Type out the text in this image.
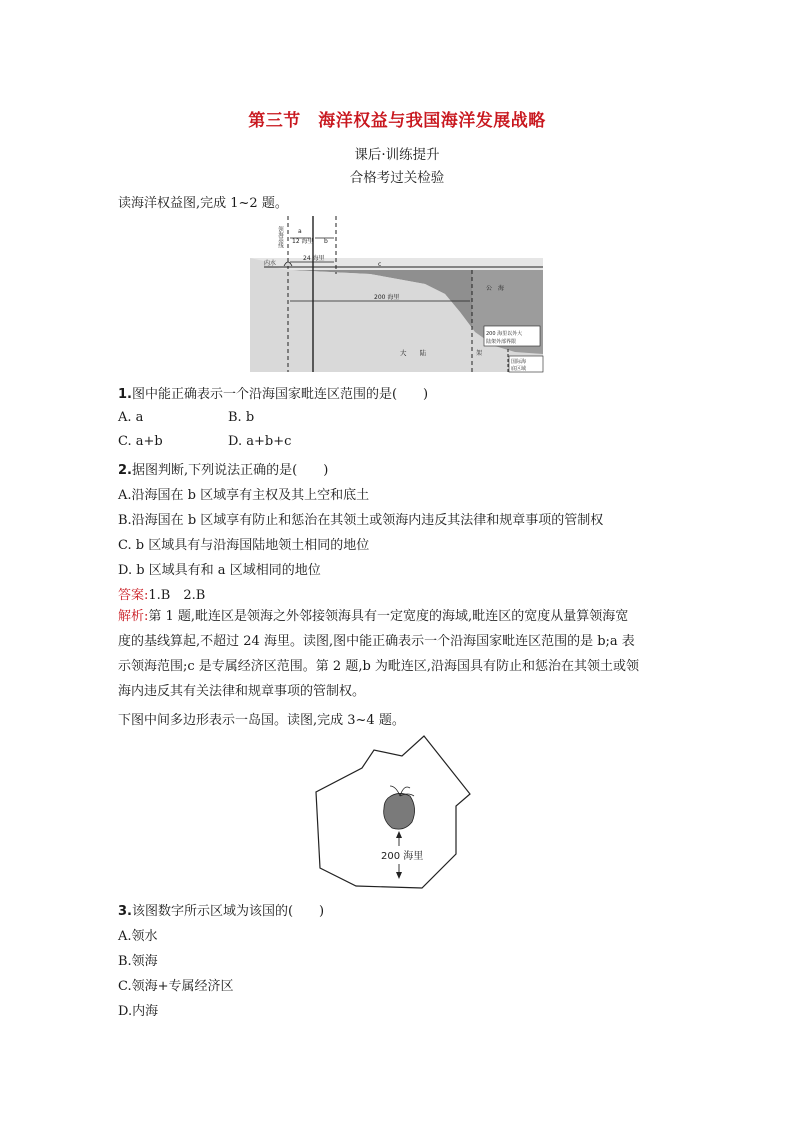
第三节　海洋权益与我国海洋发展战略
课后·训练提升
合格考过关检验
读海洋权益图,完成 1~2 题。
领海基线	a
12 海里 b
24 海里
c
内水
公　海
200 海里
200 海里以外大
陆架外部界限
大　　陆	架
国际海
底区域
1.图中能正确表示一个沿海国家毗连区范围的是(　　)
A. a	B. b
C. a+b	D. a+b+c
2.据图判断,下列说法正确的是(　　)
A.沿海国在 b 区域享有主权及其上空和底土
B.沿海国在 b 区域享有防止和惩治在其领土或领海内违反其法律和规章事项的管制权
C. b 区域具有与沿海国陆地领土相同的地位
D. b 区域具有和 a 区域相同的地位
答案:1.B　2.B
解析:第 1 题,毗连区是领海之外邻接领海具有一定宽度的海域,毗连区的宽度从量算领海宽
度的基线算起,不超过 24 海里。读图,图中能正确表示一个沿海国家毗连区范围的是 b;a 表
示领海范围;c 是专属经济区范围。第 2 题,b 为毗连区,沿海国具有防止和惩治在其领土或领
海内违反其有关法律和规章事项的管制权。
下图中间多边形表示一岛国。读图,完成 3~4 题。
200 海里
3.该图数字所示区域为该国的(　　)
A.领水
B.领海
C.领海+专属经济区
D.内海
